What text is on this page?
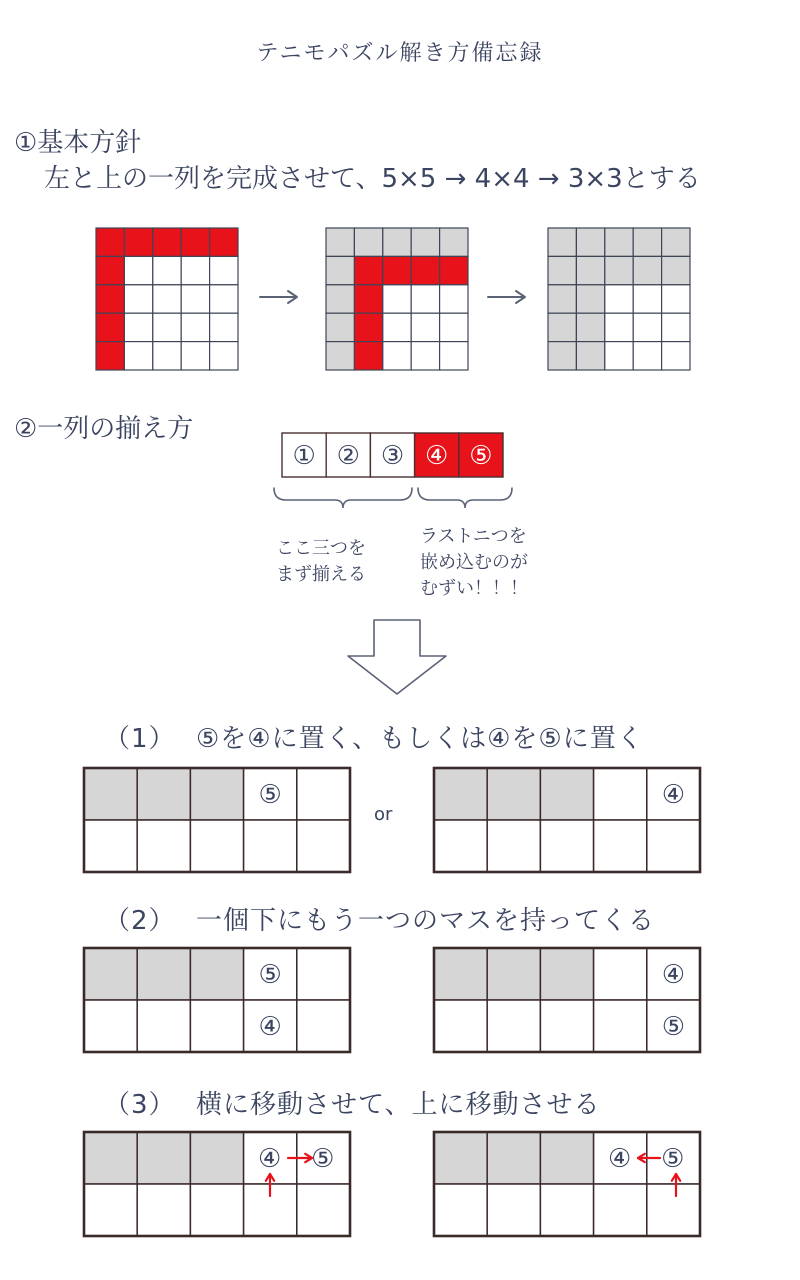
テニモパズル解き方備忘録
①基本方針
左と上の一列を完成させて、5×5 → 4×4 → 3×3とする
②一列の揃え方
ここ三つを
まず揃える
ラストニつを
嵌め込むのが
むずい！！！
（1） ⑤を④に置く、もしくは④を⑤に置く
or
（2） 一個下にもう一つのマスを持ってくる
（3） 横に移動させて、上に移動させる
① ② ③ ④ ⑤
⑤	④
⑤
④
④
⑤
④ ⑤	④ ⑤
